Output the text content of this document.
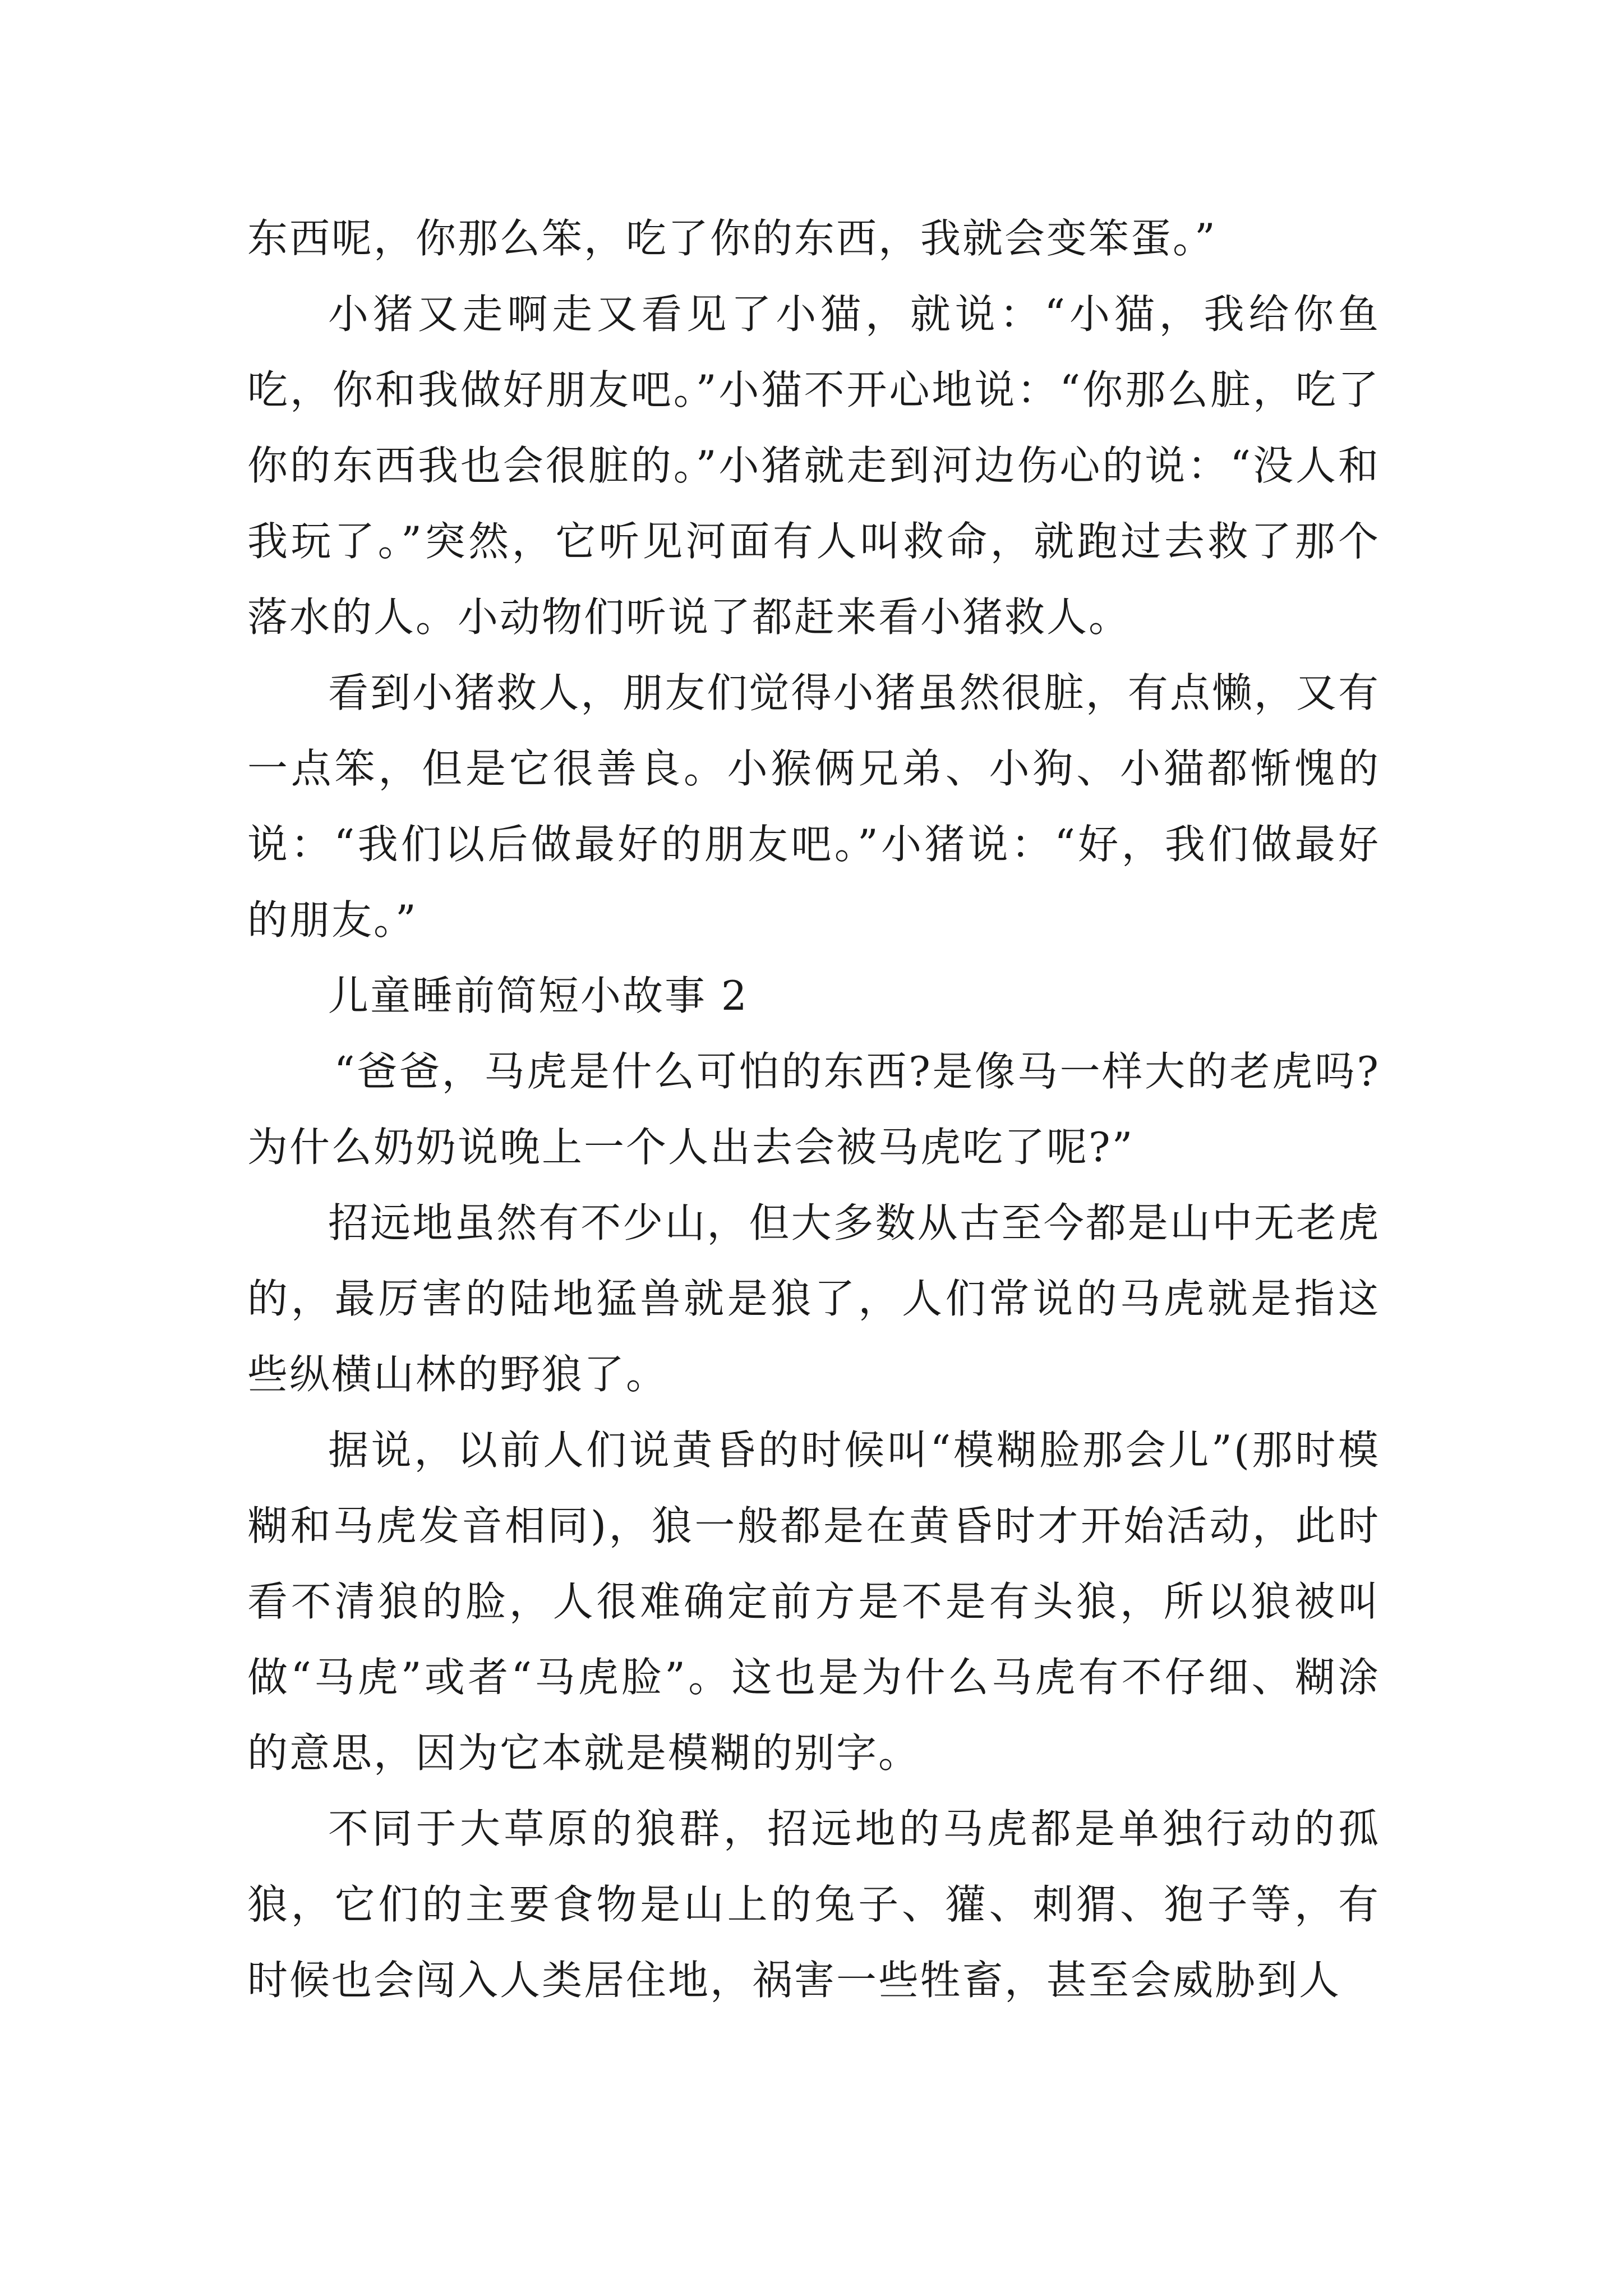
东西呢，你那么笨，吃了你的东西，我就会变笨蛋。”

小猪又走啊走又看见了小猫，就说：“小猫，我给你鱼吃，你和我做好朋友吧。”小猫不开心地说：“你那么脏，吃了你的东西我也会很脏的。”小猪就走到河边伤心的说：“没人和我玩了。”突然，它听见河面有人叫救命，就跑过去救了那个落水的人。小动物们听说了都赶来看小猪救人。

看到小猪救人，朋友们觉得小猪虽然很脏，有点懒，又有一点笨，但是它很善良。小猴俩兄弟、小狗、小猫都惭愧的说：“我们以后做最好的朋友吧。”小猪说：“好，我们做最好的朋友。”

儿童睡前简短小故事 2

“爸爸，马虎是什么可怕的东西?是像马一样大的老虎吗?为什么奶奶说晚上一个人出去会被马虎吃了呢?”

招远地虽然有不少山，但大多数从古至今都是山中无老虎的，最厉害的陆地猛兽就是狼了，人们常说的马虎就是指这些纵横山林的野狼了。

据说，以前人们说黄昏的时候叫“模糊脸那会儿”(那时模糊和马虎发音相同)，狼一般都是在黄昏时才开始活动，此时看不清狼的脸，人很难确定前方是不是有头狼，所以狼被叫做“马虎”或者“马虎脸”。这也是为什么马虎有不仔细、糊涂的意思，因为它本就是模糊的别字。

不同于大草原的狼群，招远地的马虎都是单独行动的孤狼，它们的主要食物是山上的兔子、獾、刺猬、狍子等，有时候也会闯入人类居住地，祸害一些牲畜，甚至会威胁到人
